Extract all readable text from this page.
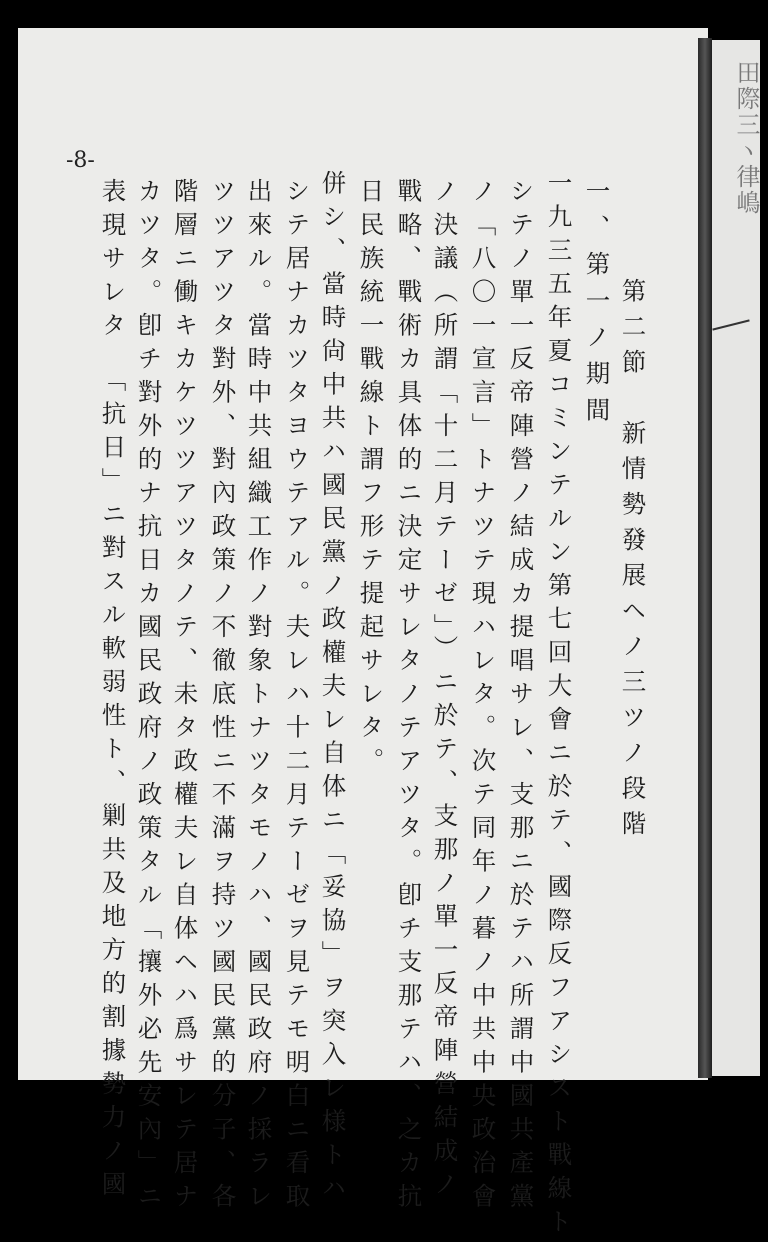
田際三ヽ律嶋
-8-
第二節　新情勢發展ヘノ三ツノ段階
一、第一ノ期間
一九三五年夏コミンテルン第七回大會ニ於テ、國際反フアシスト戰線ト
シテノ單一反帝陣營ノ結成カ提唱サレ、支那ニ於テハ所謂中國共產黨
ノ「八〇一宣言」トナツテ現ハレタ。次テ同年ノ暮ノ中共中央政治會
ノ決議（所謂「十二月テーゼ」）ニ於テ、支那ノ單一反帝陣營結成ノ
戰略、戰術カ具体的ニ決定サレタノテアツタ。卽チ支那テハ、之カ抗
日民族統一戰線ト謂フ形テ提起サレタ。
併シ、當時尙中共ハ國民黨ノ政權夫レ自体ニ「妥協」ヲ突入レ様トハ
シテ居ナカツタヨウテアル。夫レハ十二月テーゼヲ見テモ明白ニ看取
出來ル。當時中共組織工作ノ對象トナツタモノハ、國民政府ノ採ラレ
ツツアツタ對外、對內政策ノ不徹底性ニ不滿ヲ持ツ國民黨的分子、各
階層ニ働キカケツツアツタノテ、未タ政權夫レ自体ヘハ爲サレテ居ナ
カツタ。卽チ對外的ナ抗日カ國民政府ノ政策タル「攘外必先安內」ニ
表現サレタ　「抗日」ニ對スル軟弱性ト、剿共及地方的割據勢力ノ國
